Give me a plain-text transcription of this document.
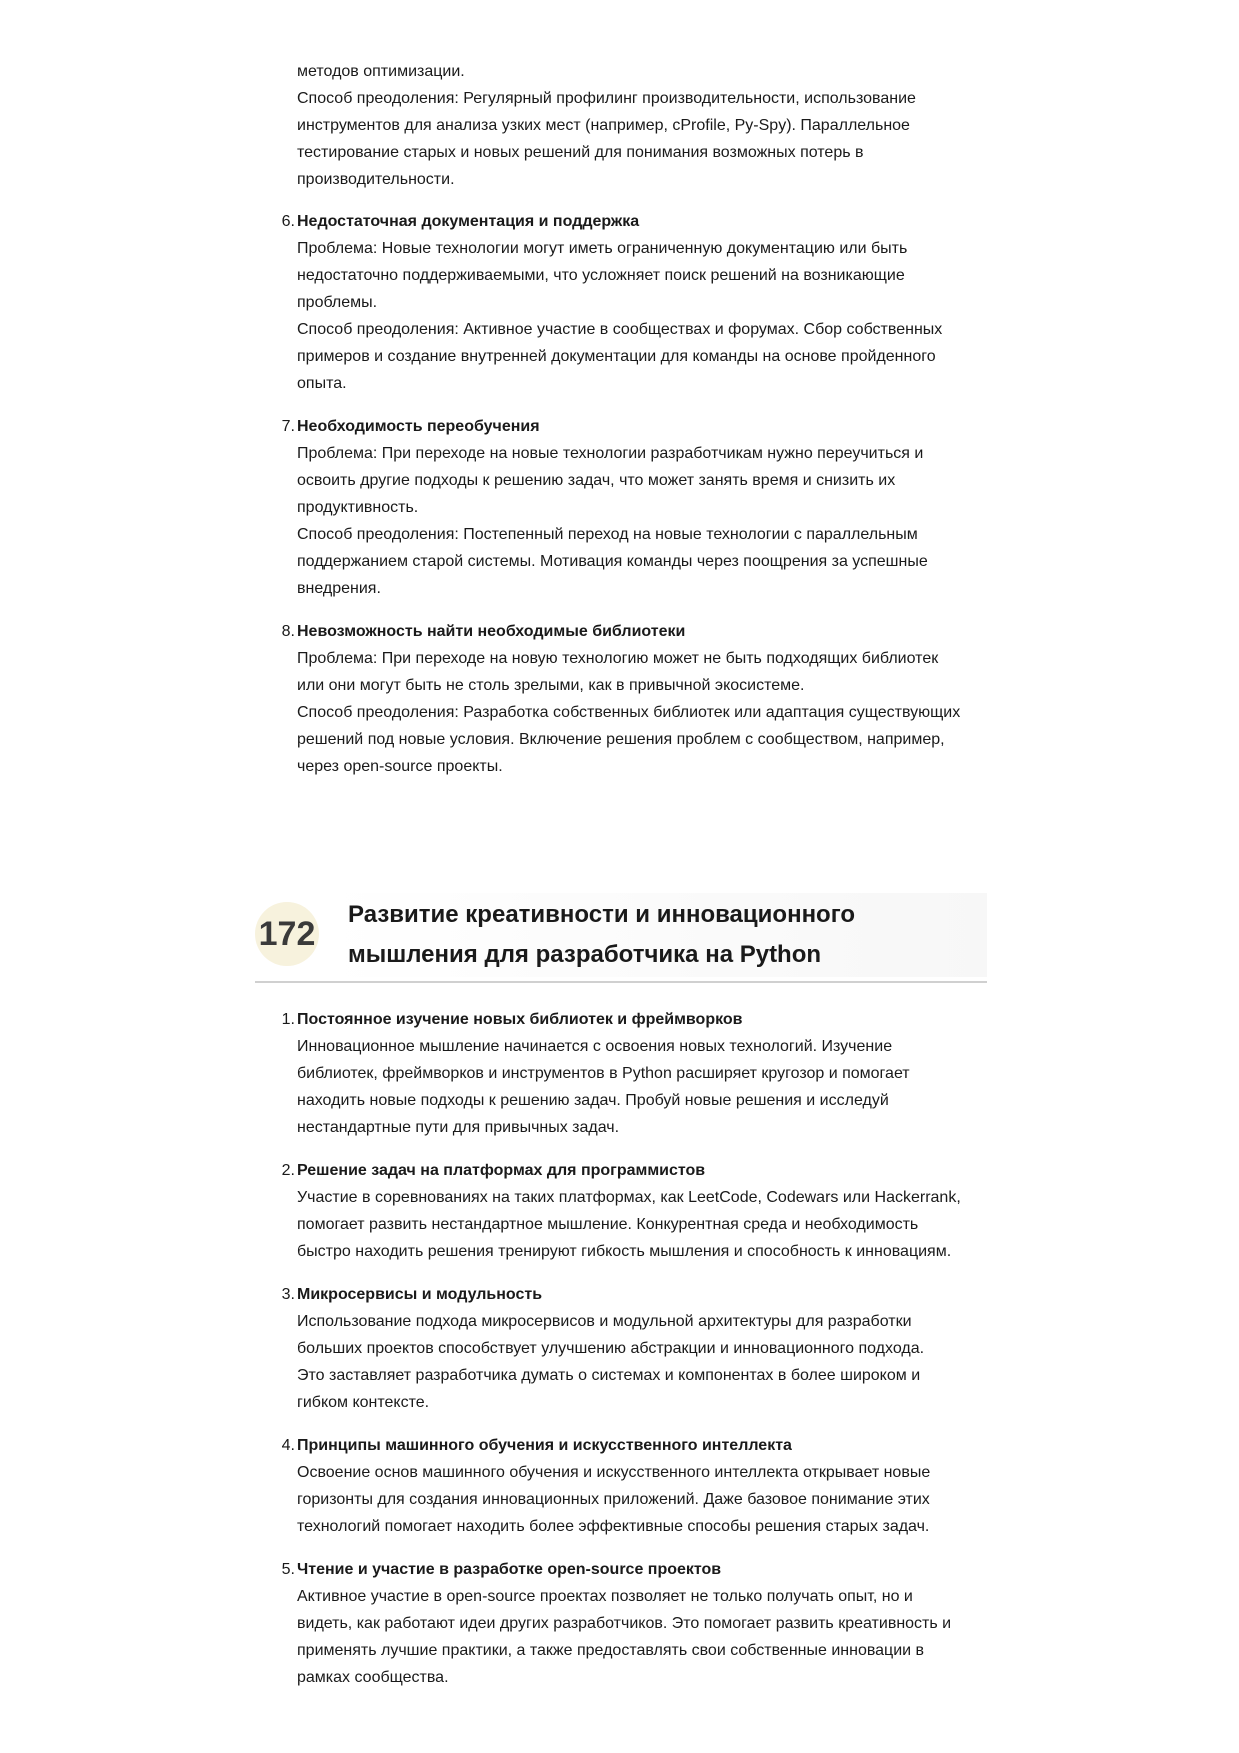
методов оптимизации.
Способ преодоления: Регулярный профилинг производительности, использование
инструментов для анализа узких мест (например, cProfile, Py-Spy). Параллельное
тестирование старых и новых решений для понимания возможных потерь в
производительности.
6. Недостаточная документация и поддержка
Проблема: Новые технологии могут иметь ограниченную документацию или быть
недостаточно поддерживаемыми, что усложняет поиск решений на возникающие
проблемы.
Способ преодоления: Активное участие в сообществах и форумах. Сбор собственных
примеров и создание внутренней документации для команды на основе пройденного
опыта.
7. Необходимость переобучения
Проблема: При переходе на новые технологии разработчикам нужно переучиться и
освоить другие подходы к решению задач, что может занять время и снизить их
продуктивность.
Способ преодоления: Постепенный переход на новые технологии с параллельным
поддержанием старой системы. Мотивация команды через поощрения за успешные
внедрения.
8. Невозможность найти необходимые библиотеки
Проблема: При переходе на новую технологию может не быть подходящих библиотек
или они могут быть не столь зрелыми, как в привычной экосистеме.
Способ преодоления: Разработка собственных библиотек или адаптация существующих
решений под новые условия. Включение решения проблем с сообществом, например,
через open-source проекты.
172 Развитие креативности и инновационного
мышления для разработчика на Python
1. Постоянное изучение новых библиотек и фреймворков
Инновационное мышление начинается с освоения новых технологий. Изучение
библиотек, фреймворков и инструментов в Python расширяет кругозор и помогает
находить новые подходы к решению задач. Пробуй новые решения и исследуй
нестандартные пути для привычных задач.
2. Решение задач на платформах для программистов
Участие в соревнованиях на таких платформах, как LeetCode, Codewars или Hackerrank,
помогает развить нестандартное мышление. Конкурентная среда и необходимость
быстро находить решения тренируют гибкость мышления и способность к инновациям.
3. Микросервисы и модульность
Использование подхода микросервисов и модульной архитектуры для разработки
больших проектов способствует улучшению абстракции и инновационного подхода.
Это заставляет разработчика думать о системах и компонентах в более широком и
гибком контексте.
4. Принципы машинного обучения и искусственного интеллекта
Освоение основ машинного обучения и искусственного интеллекта открывает новые
горизонты для создания инновационных приложений. Даже базовое понимание этих
технологий помогает находить более эффективные способы решения старых задач.
5. Чтение и участие в разработке open-source проектов
Активное участие в open-source проектах позволяет не только получать опыт, но и
видеть, как работают идеи других разработчиков. Это помогает развить креативность и
применять лучшие практики, а также предоставлять свои собственные инновации в
рамках сообщества.
